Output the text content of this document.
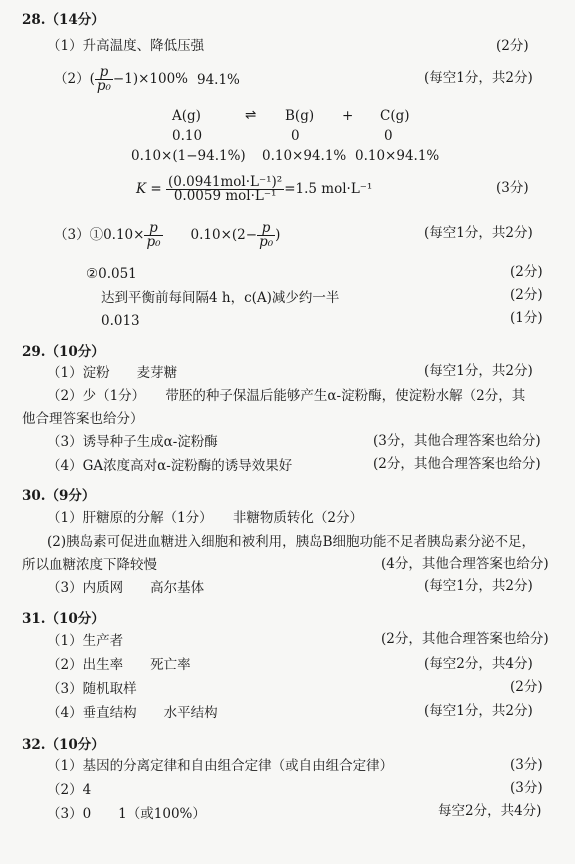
28.（14分）
（1）升高温度、降低压强	(2分)
$(2)( \frac{p}{\text{p₀}} -1)\times 100\%$ 94.1%	(每空1分，共2分)
A(g)	⇌ B(g) + C(g)
0.10	0	0
0.10×(1−94.1%) 0.10×94.1% 0.10×94.1%
$K = \frac{\text{(0.0941mol·L⁻¹)²}}{\text{0.0059 mol·L⁻¹}} =1.5$ mol·L⁻¹	(3分)
（3）①0.10× $\frac{p}{\text{p₀}} 0.10\times(2- \frac{p}{\text{p₀}}$ )	(每空1分，共2分)
②0.051	(2分)
达到平衡前每间隔4 h，c(A)减少约一半	(2分)
0.013	(1分)
29.（10分）
（1）淀粉　　麦芽糖	(每空1分，共2分)
（2）少（1分）　　带胚的种子保温后能够产生α-淀粉酶，使淀粉水解（2分，其
他合理答案也给分）
（3）诱导种子生成α-淀粉酶	(3分，其他合理答案也给分)
（4）GA浓度高对α-淀粉酶的诱导效果好	(2分，其他合理答案也给分)
30.（9分）
（1）肝糖原的分解（1分）　　非糖物质转化（2分）
(2)胰岛素可促进血糖进入细胞和被利用，胰岛B细胞功能不足者胰岛素分泌不足，
所以血糖浓度下降较慢	(4分，其他合理答案也给分)
（3）内质网　　高尔基体	(每空1分，共2分)
31.（10分）
（1）生产者	(2分，其他合理答案也给分)
（2）出生率　　死亡率	(每空2分，共4分)
（3）随机取样	(2分)
（4）垂直结构　　水平结构	(每空1分，共2分)
32.（10分）
（1）基因的分离定律和自由组合定律（或自由组合定律）	(3分)
（2）4	(3分)
（3）0　　1（或100%）	每空2分，共4分)
